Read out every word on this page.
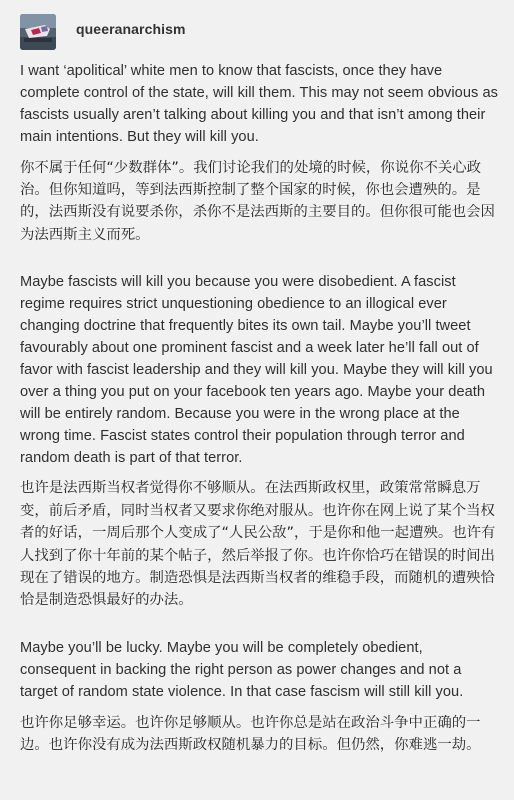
queeranarchism

I want ‘apolitical’ white men to know that fascists, once they have complete control of the state, will kill them. This may not seem obvious as fascists usually aren’t talking about killing you and that isn’t among their main intentions. But they will kill you.

你不属于任何“少数群体”。我们讨论我们的处境的时候，你说你不关心政治。但你知道吗，等到法西斯控制了整个国家的时候，你也会遭殃的。是的，法西斯没有说要杀你，杀你不是法西斯的主要目的。但你很可能也会因为法西斯主义而死。

Maybe fascists will kill you because you were disobedient. A fascist regime requires strict unquestioning obedience to an illogical ever changing doctrine that frequently bites its own tail. Maybe you’ll tweet favourably about one prominent fascist and a week later he’ll fall out of favor with fascist leadership and they will kill you. Maybe they will kill you over a thing you put on your facebook ten years ago. Maybe your death will be entirely random. Because you were in the wrong place at the wrong time. Fascist states control their population through terror and random death is part of that terror.

也许是法西斯当权者觉得你不够顺从。在法西斯政权里，政策常常瞬息万变，前后矛盾，同时当权者又要求你绝对服从。也许你在网上说了某个当权者的好话，一周后那个人变成了“人民公敌”，于是你和他一起遭殃。也许有人找到了你十年前的某个帖子，然后举报了你。也许你恰巧在错误的时间出现在了错误的地方。制造恐惧是法西斯当权者的维稳手段，而随机的遭殃恰恰是制造恐惧最好的办法。

Maybe you’ll be lucky. Maybe you will be completely obedient, consequent in backing the right person as power changes and not a target of random state violence. In that case fascism will still kill you.

也许你足够幸运。也许你足够顺从。也许你总是站在政治斗争中正确的一边。也许你没有成为法西斯政权随机暴力的目标。但仍然，你难逃一劫。
